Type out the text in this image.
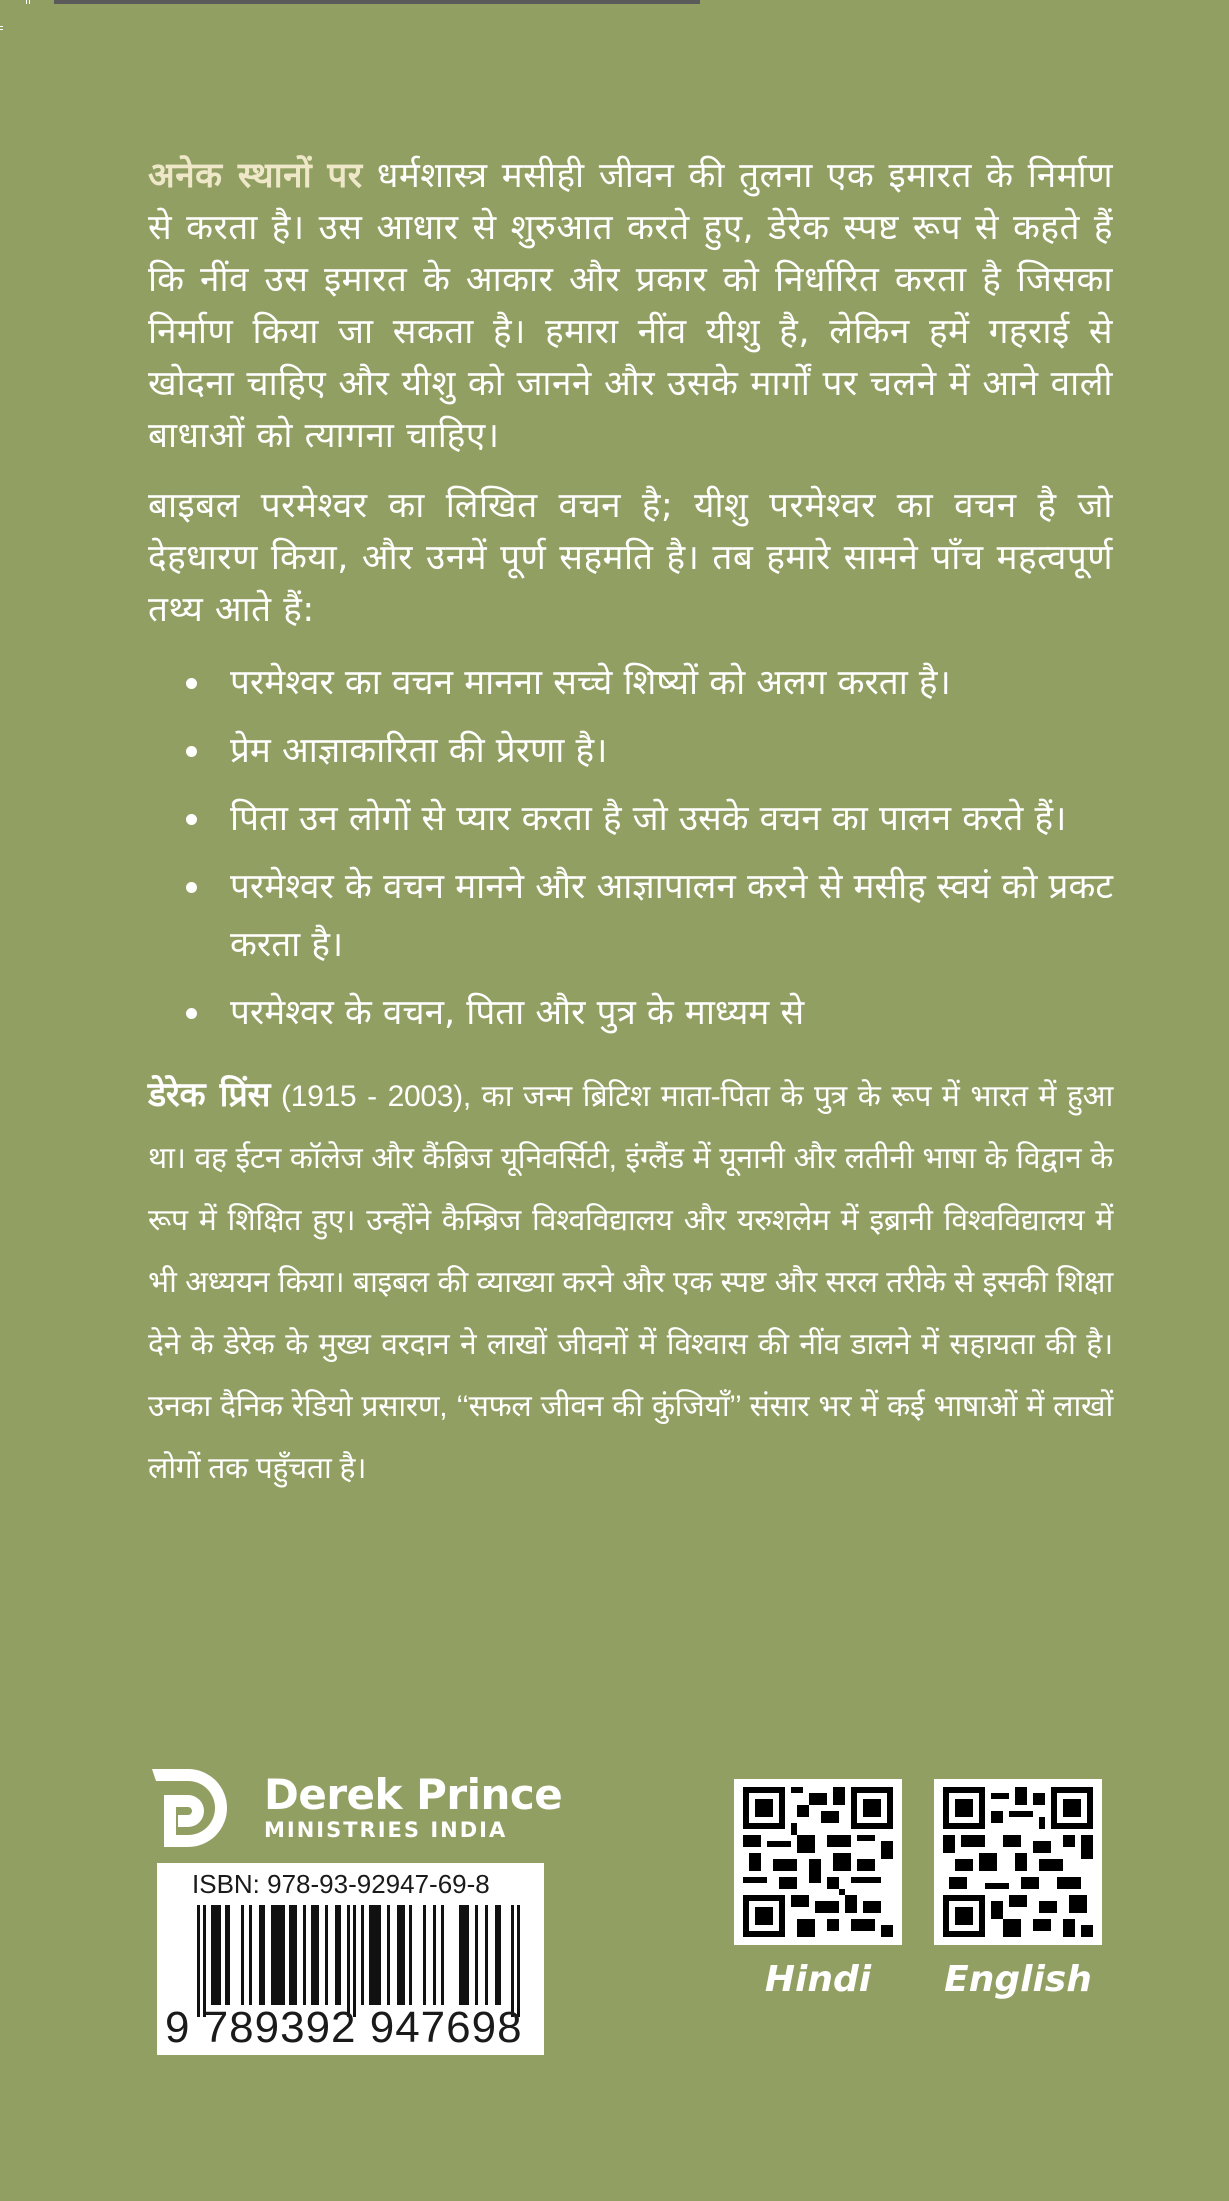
अनेक स्थानों पर धर्मशास्त्र मसीही जीवन की तुलना एक इमारत के निर्माण से करता है। उस आधार से शुरुआत करते हुए, डेरेक स्पष्ट रूप से कहते हैं कि नींव उस इमारत के आकार और प्रकार को निर्धारित करता है जिसका निर्माण किया जा सकता है। हमारा नींव यीशु है, लेकिन हमें गहराई से खोदना चाहिए और यीशु को जानने और उसके मार्गों पर चलने में आने वाली बाधाओं को त्यागना चाहिए।

बाइबल परमेश्वर का लिखित वचन है; यीशु परमेश्वर का वचन है जो देहधारण किया, और उनमें पूर्ण सहमति है। तब हमारे सामने पाँच महत्वपूर्ण तथ्य आते हैं:

परमेश्वर का वचन मानना सच्चे शिष्यों को अलग करता है।
प्रेम आज्ञाकारिता की प्रेरणा है।
पिता उन लोगों से प्यार करता है जो उसके वचन का पालन करते हैं।
परमेश्वर के वचन मानने और आज्ञापालन करने से मसीह स्वयं को प्रकट करता है।
परमेश्वर के वचन, पिता और पुत्र के माध्यम से

डेरेक प्रिंस (1915 - 2003), का जन्म ब्रिटिश माता-पिता के पुत्र के रूप में भारत में हुआ था। वह ईटन कॉलेज और कैंब्रिज यूनिवर्सिटी, इंग्लैंड में यूनानी और लतीनी भाषा के विद्वान के रूप में शिक्षित हुए। उन्होंने कैम्ब्रिज विश्वविद्यालय और यरुशलेम में इब्रानी विश्वविद्यालय में भी अध्ययन किया। बाइबल की व्याख्या करने और एक स्पष्ट और सरल तरीके से इसकी शिक्षा देने के डेरेक के मुख्य वरदान ने लाखों जीवनों में विश्वास की नींव डालने में सहायता की है। उनका दैनिक रेडियो प्रसारण, ‘‘सफल जीवन की कुंजियाँ’’ संसार भर में कई भाषाओं में लाखों लोगों तक पहुँचता है।

Derek Prince
MINISTRIES INDIA
ISBN: 978-93-92947-69-8
9 789392 947698
Hindi	English
